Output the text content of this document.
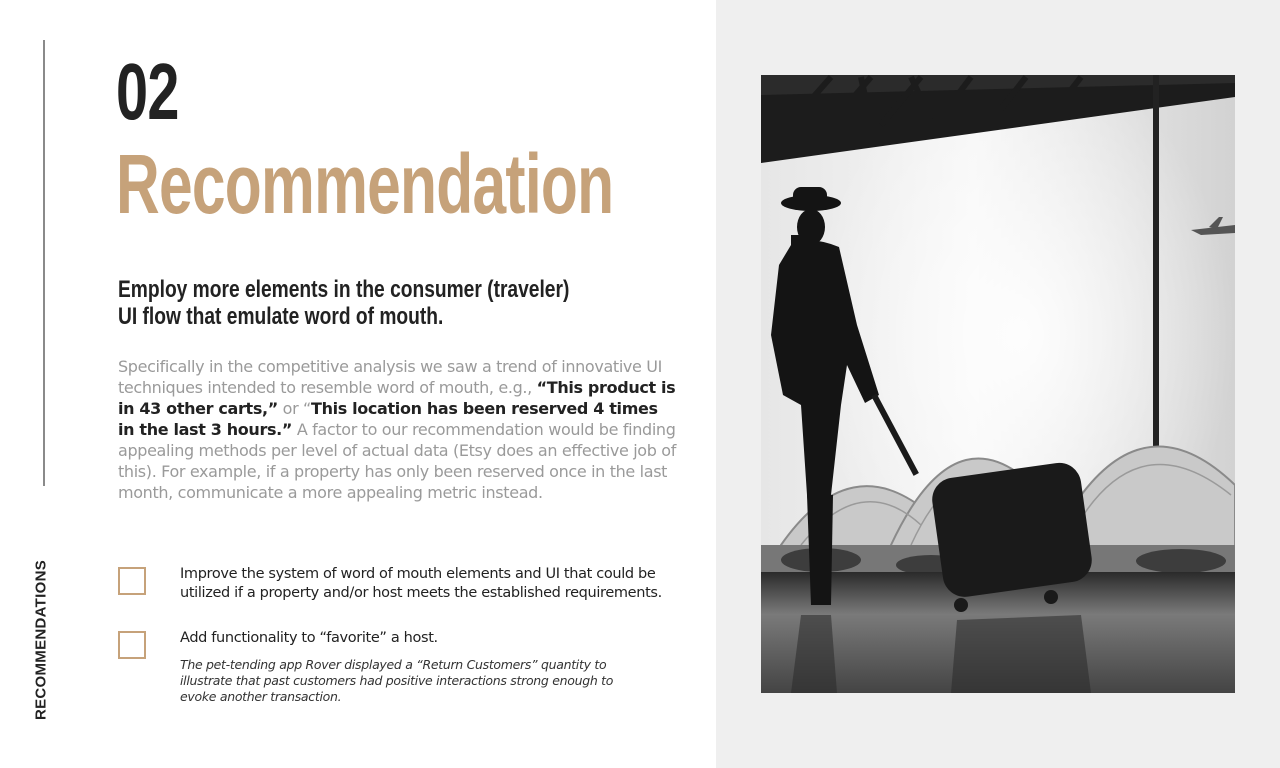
RECOMMENDATIONS
02
Recommendation
Employ more elements in the consumer (traveler)
UI flow that emulate word of mouth.
Specifically in the competitive analysis we saw a trend of innovative UI techniques intended to resemble word of mouth, e.g., “This product is in 43 other carts,” or “This location has been reserved 4 times in the last 3 hours.” A factor to our recommendation would be finding appealing methods per level of actual data (Etsy does an effective job of this). For example, if a property has only been reserved once in the last month, communicate a more appealing metric instead.
Improve the system of word of mouth elements and UI that could be utilized if a property and/or host meets the established requirements.
Add functionality to “favorite” a host.
The pet-tending app Rover displayed a “Return Customers” quantity to illustrate that past customers had positive interactions strong enough to evoke another transaction.
